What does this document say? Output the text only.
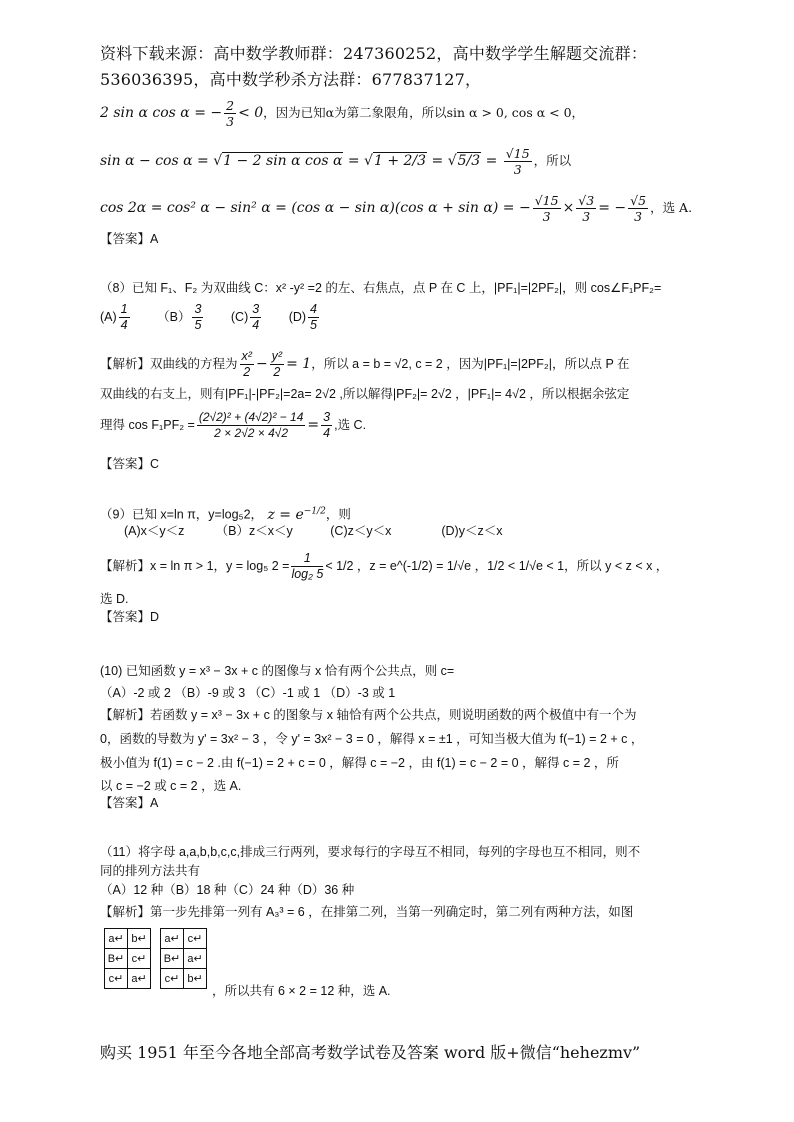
资料下载来源：高中数学教师群：247360252，高中数学学生解题交流群：
536036395，高中数学秒杀方法群：677837127，
2 sin α cos α = − $\frac{2}{3} < 0$，因为已知α为第二象限角，所以sin α > 0, cos α < 0，
sin α − cos α = √1 − 2 sin α $\cos \alpha = √1 + 2/3 = √5/3 = \frac{√15}{3}$ ，所以
cos 2α = cos² α − sin² α = (cos α − sin α)(cos α + sin α) = − $\frac{√15}{3} \times \frac{√3}{3}$ = − $\frac{√5}{3}$ ，选 A.
【答案】A
（8）已知 F₁、F₂ 为双曲线 C：x² -y² =2 的左、右焦点，点 P 在 C 上，|PF₁|=|2PF₂|，则 cos∠F₁PF₂=
$(A) \frac{1}{4} (B) \frac{3}{5} (C) \frac{3}{4} (D) \frac{4}{5}$
【解析】双曲线的方程为 $\frac{\text{x²}}{2} - \frac{\text{y²}}{2} = 1$，所以 a = b = √2, c = 2 ，因为|PF₁|=|2PF₂|，所以点 P 在
双曲线的右支上，则有|PF₁|-|PF₂|=2a= 2√2 ,所以解得|PF₂|= 2√2 ，|PF₁|= 4√2 ，所以根据余弦定
理得 $\cos F_1PF_2 = \frac{\text{(2√2)² + (4√2)² − 14}}{2 \times 2√2 \times 4√2} = \frac{3}{4}$ ,选 C.
【答案】C
（9）已知 x=ln π，y=log₅2， $z = e^{-1/2}$，则
(A)x＜y＜z　　　（B）z＜x＜y　　　(C)z＜y＜x　　　　(D)y＜z＜x
【解析】x = ln π > 1，y = log₅ $2 = \frac{1}{\text{log₂ 5}} < 1/2$ ，z = e^(-1/2) = 1/√e ，1/2 < 1/√e < 1，所以 y < z < x ，
选 D.
【答案】D
(10) 已知函数 y = x³ − 3x + c 的图像与 x 恰有两个公共点，则 c=
（A）-2 或 2 （B）-9 或 3 （C）-1 或 1 （D）-3 或 1
【解析】若函数 y = x³ − 3x + c 的图象与 x 轴恰有两个公共点，则说明函数的两个极值中有一个为
0，函数的导数为 y' = 3x² − 3 ，令 y' = 3x² − 3 = 0 ，解得 x = ±1 ，可知当极大值为 f(−1) = 2 + c ，
极小值为 f(1) = c − 2 .由 f(−1) = 2 + c = 0 ，解得 c = −2 ，由 f(1) = c − 2 = 0 ，解得 c = 2 ，所
以 c = −2 或 c = 2 ，选 A.
【答案】A
（11）将字母 a,a,b,b,c,c,排成三行两列，要求每行的字母互不相同，每列的字母也互不相同，则不
同的排列方法共有
（A）12 种（B）18 种（C）24 种（D）36 种
【解析】第一步先排第一列有 A₃³ = 6 ，在排第二列，当第一列确定时，第二列有两种方法，如图
a↵	b↵
B↵	c↵
c↵	a↵
a↵	c↵
B↵	a↵
c↵	b↵
，所以共有 6 × 2 = 12 种，选 A.
购买 1951 年至今各地全部高考数学试卷及答案 word 版+微信“hehezmv”
